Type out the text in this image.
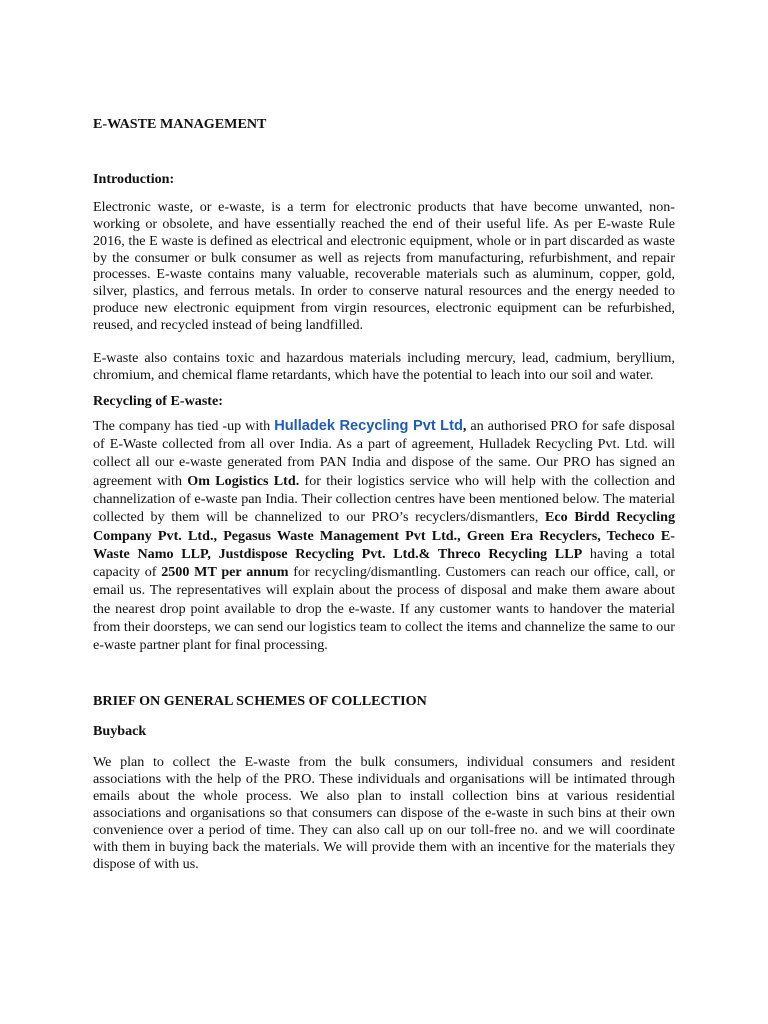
E-WASTE MANAGEMENT

Introduction:

Electronic waste, or e-waste, is a term for electronic products that have become unwanted, non-working or obsolete, and have essentially reached the end of their useful life. As per E-waste Rule 2016, the E waste is defined as electrical and electronic equipment, whole or in part discarded as waste by the consumer or bulk consumer as well as rejects from manufacturing, refurbishment, and repair processes. E-waste contains many valuable, recoverable materials such as aluminum, copper, gold, silver, plastics, and ferrous metals. In order to conserve natural resources and the energy needed to produce new electronic equipment from virgin resources, electronic equipment can be refurbished, reused, and recycled instead of being landfilled.

E-waste also contains toxic and hazardous materials including mercury, lead, cadmium, beryllium, chromium, and chemical flame retardants, which have the potential to leach into our soil and water.

Recycling of E-waste:

The company has tied -up with Hulladek Recycling Pvt Ltd, an authorised PRO for safe disposal of E-Waste collected from all over India. As a part of agreement, Hulladek Recycling Pvt. Ltd. will collect all our e-waste generated from PAN India and dispose of the same. Our PRO has signed an agreement with Om Logistics Ltd. for their logistics service who will help with the collection and channelization of e-waste pan India. Their collection centres have been mentioned below. The material collected by them will be channelized to our PRO’s recyclers/dismantlers, Eco Birdd Recycling Company Pvt. Ltd., Pegasus Waste Management Pvt Ltd., Green Era Recyclers, Techeco E-Waste Namo LLP, Justdispose Recycling Pvt. Ltd.& Threco Recycling LLP having a total capacity of 2500 MT per annum for recycling/dismantling. Customers can reach our office, call, or email us. The representatives will explain about the process of disposal and make them aware about the nearest drop point available to drop the e-waste. If any customer wants to handover the material from their doorsteps, we can send our logistics team to collect the items and channelize the same to our e-waste partner plant for final processing.

BRIEF ON GENERAL SCHEMES OF COLLECTION

Buyback

We plan to collect the E-waste from the bulk consumers, individual consumers and resident associations with the help of the PRO. These individuals and organisations will be intimated through emails about the whole process. We also plan to install collection bins at various residential associations and organisations so that consumers can dispose of the e-waste in such bins at their own convenience over a period of time. They can also call up on our toll-free no. and we will coordinate with them in buying back the materials. We will provide them with an incentive for the materials they dispose of with us.
